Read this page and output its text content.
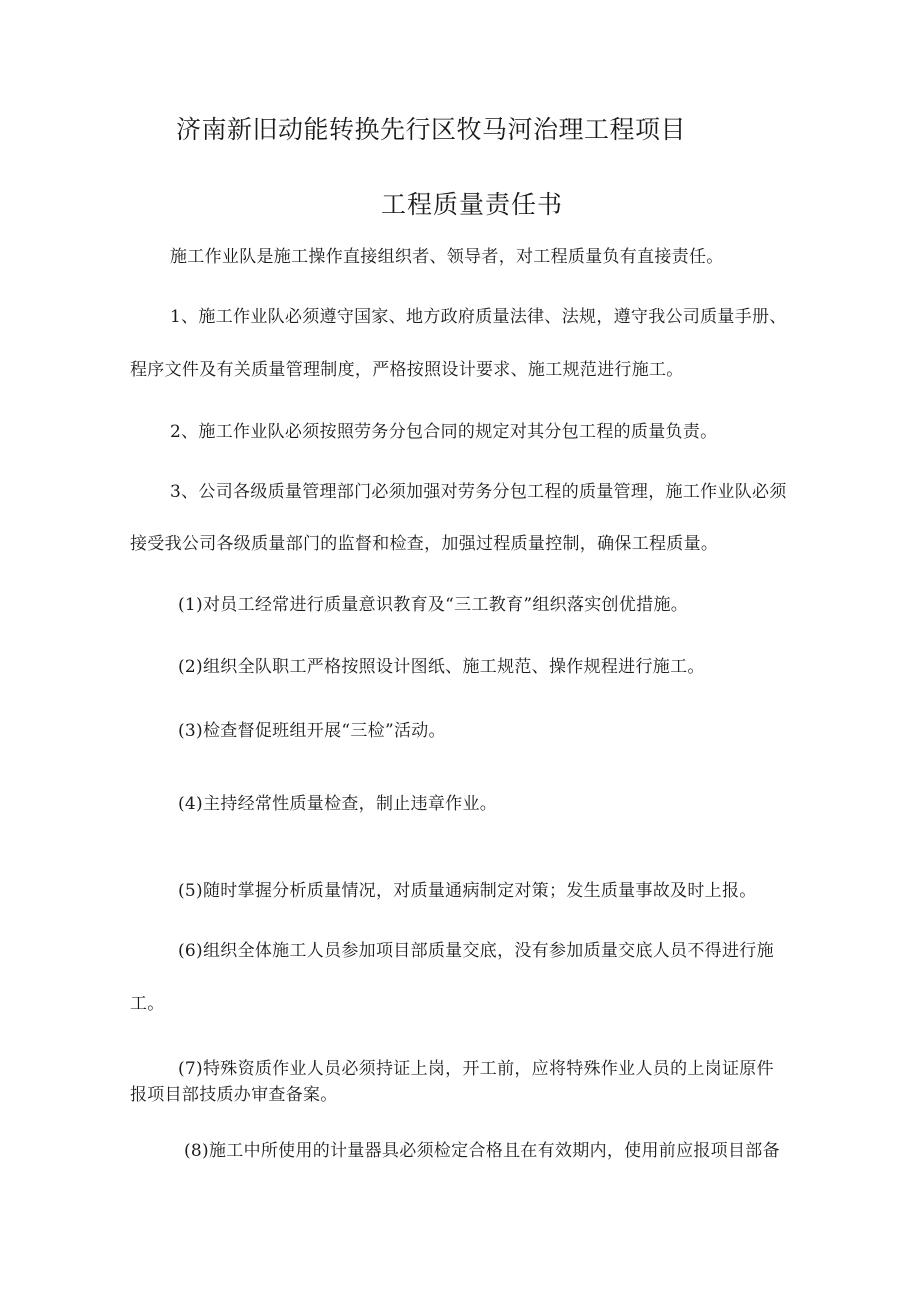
济南新旧动能转换先行区牧马河治理工程项目
工程质量责任书
施工作业队是施工操作直接组织者、领导者，对工程质量负有直接责任。
1、施工作业队必须遵守国家、地方政府质量法律、法规，遵守我公司质量手册、
程序文件及有关质量管理制度，严格按照设计要求、施工规范进行施工。
2、施工作业队必须按照劳务分包合同的规定对其分包工程的质量负责。
3、公司各级质量管理部门必须加强对劳务分包工程的质量管理，施工作业队必须
接受我公司各级质量部门的监督和检查，加强过程质量控制，确保工程质量。
(1)对员工经常进行质量意识教育及“三工教育”组织落实创优措施。
(2)组织全队职工严格按照设计图纸、施工规范、操作规程进行施工。
(3)检查督促班组开展“三检”活动。
(4)主持经常性质量检查，制止违章作业。
(5)随时掌握分析质量情况，对质量通病制定对策；发生质量事故及时上报。
(6)组织全体施工人员参加项目部质量交底，没有参加质量交底人员不得进行施
工。
(7)特殊资质作业人员必须持证上岗，开工前，应将特殊作业人员的上岗证原件
报项目部技质办审查备案。
(8)施工中所使用的计量器具必须检定合格且在有效期内，使用前应报项目部备
